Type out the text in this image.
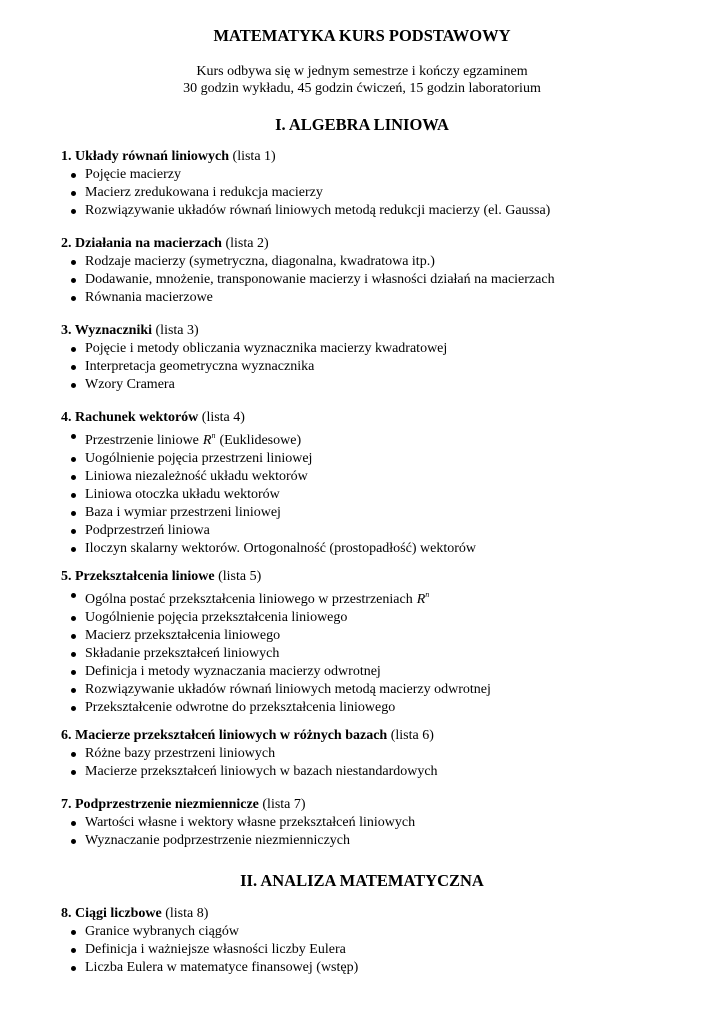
MATEMATYKA KURS PODSTAWOWY
Kurs odbywa się w jednym semestrze i kończy egzaminem
30 godzin wykładu, 45 godzin ćwiczeń, 15 godzin laboratorium
I. ALGEBRA LINIOWA

1. Układy równań liniowych (lista 1)

Pojęcie macierzy
Macierz zredukowana i redukcja macierzy
Rozwiązywanie układów równań liniowych metodą redukcji macierzy (el. Gaussa)

2. Działania na macierzach (lista 2)

Rodzaje macierzy (symetryczna, diagonalna, kwadratowa itp.)
Dodawanie, mnożenie, transponowanie macierzy i własności działań na macierzach
Równania macierzowe

3. Wyznaczniki (lista 3)

Pojęcie i metody obliczania wyznacznika macierzy kwadratowej
Interpretacja geometryczna wyznacznika
Wzory Cramera

4. Rachunek wektorów (lista 4)

Przestrzenie liniowe $R^n$ (Euklidesowe)
Uogólnienie pojęcia przestrzeni liniowej
Liniowa niezależność układu wektorów
Liniowa otoczka układu wektorów
Baza i wymiar przestrzeni liniowej
Podprzestrzeń liniowa
Iloczyn skalarny wektorów. Ortogonalność (prostopadłość) wektorów

5. Przekształcenia liniowe (lista 5)

Ogólna postać przekształcenia liniowego w przestrzeniach $R^n$
Uogólnienie pojęcia przekształcenia liniowego
Macierz przekształcenia liniowego
Składanie przekształceń liniowych
Definicja i metody wyznaczania macierzy odwrotnej
Rozwiązywanie układów równań liniowych metodą macierzy odwrotnej
Przekształcenie odwrotne do przekształcenia liniowego

6. Macierze przekształceń liniowych w różnych bazach (lista 6)

Różne bazy przestrzeni liniowych
Macierze przekształceń liniowych w bazach niestandardowych

7. Podprzestrzenie niezmiennicze (lista 7)

Wartości własne i wektory własne przekształceń liniowych
Wyznaczanie podprzestrzenie niezmienniczych
II. ANALIZA MATEMATYCZNA

8. Ciągi liczbowe (lista 8)

Granice wybranych ciągów
Definicja i ważniejsze własności liczby Eulera
Liczba Eulera w matematyce finansowej (wstęp)
